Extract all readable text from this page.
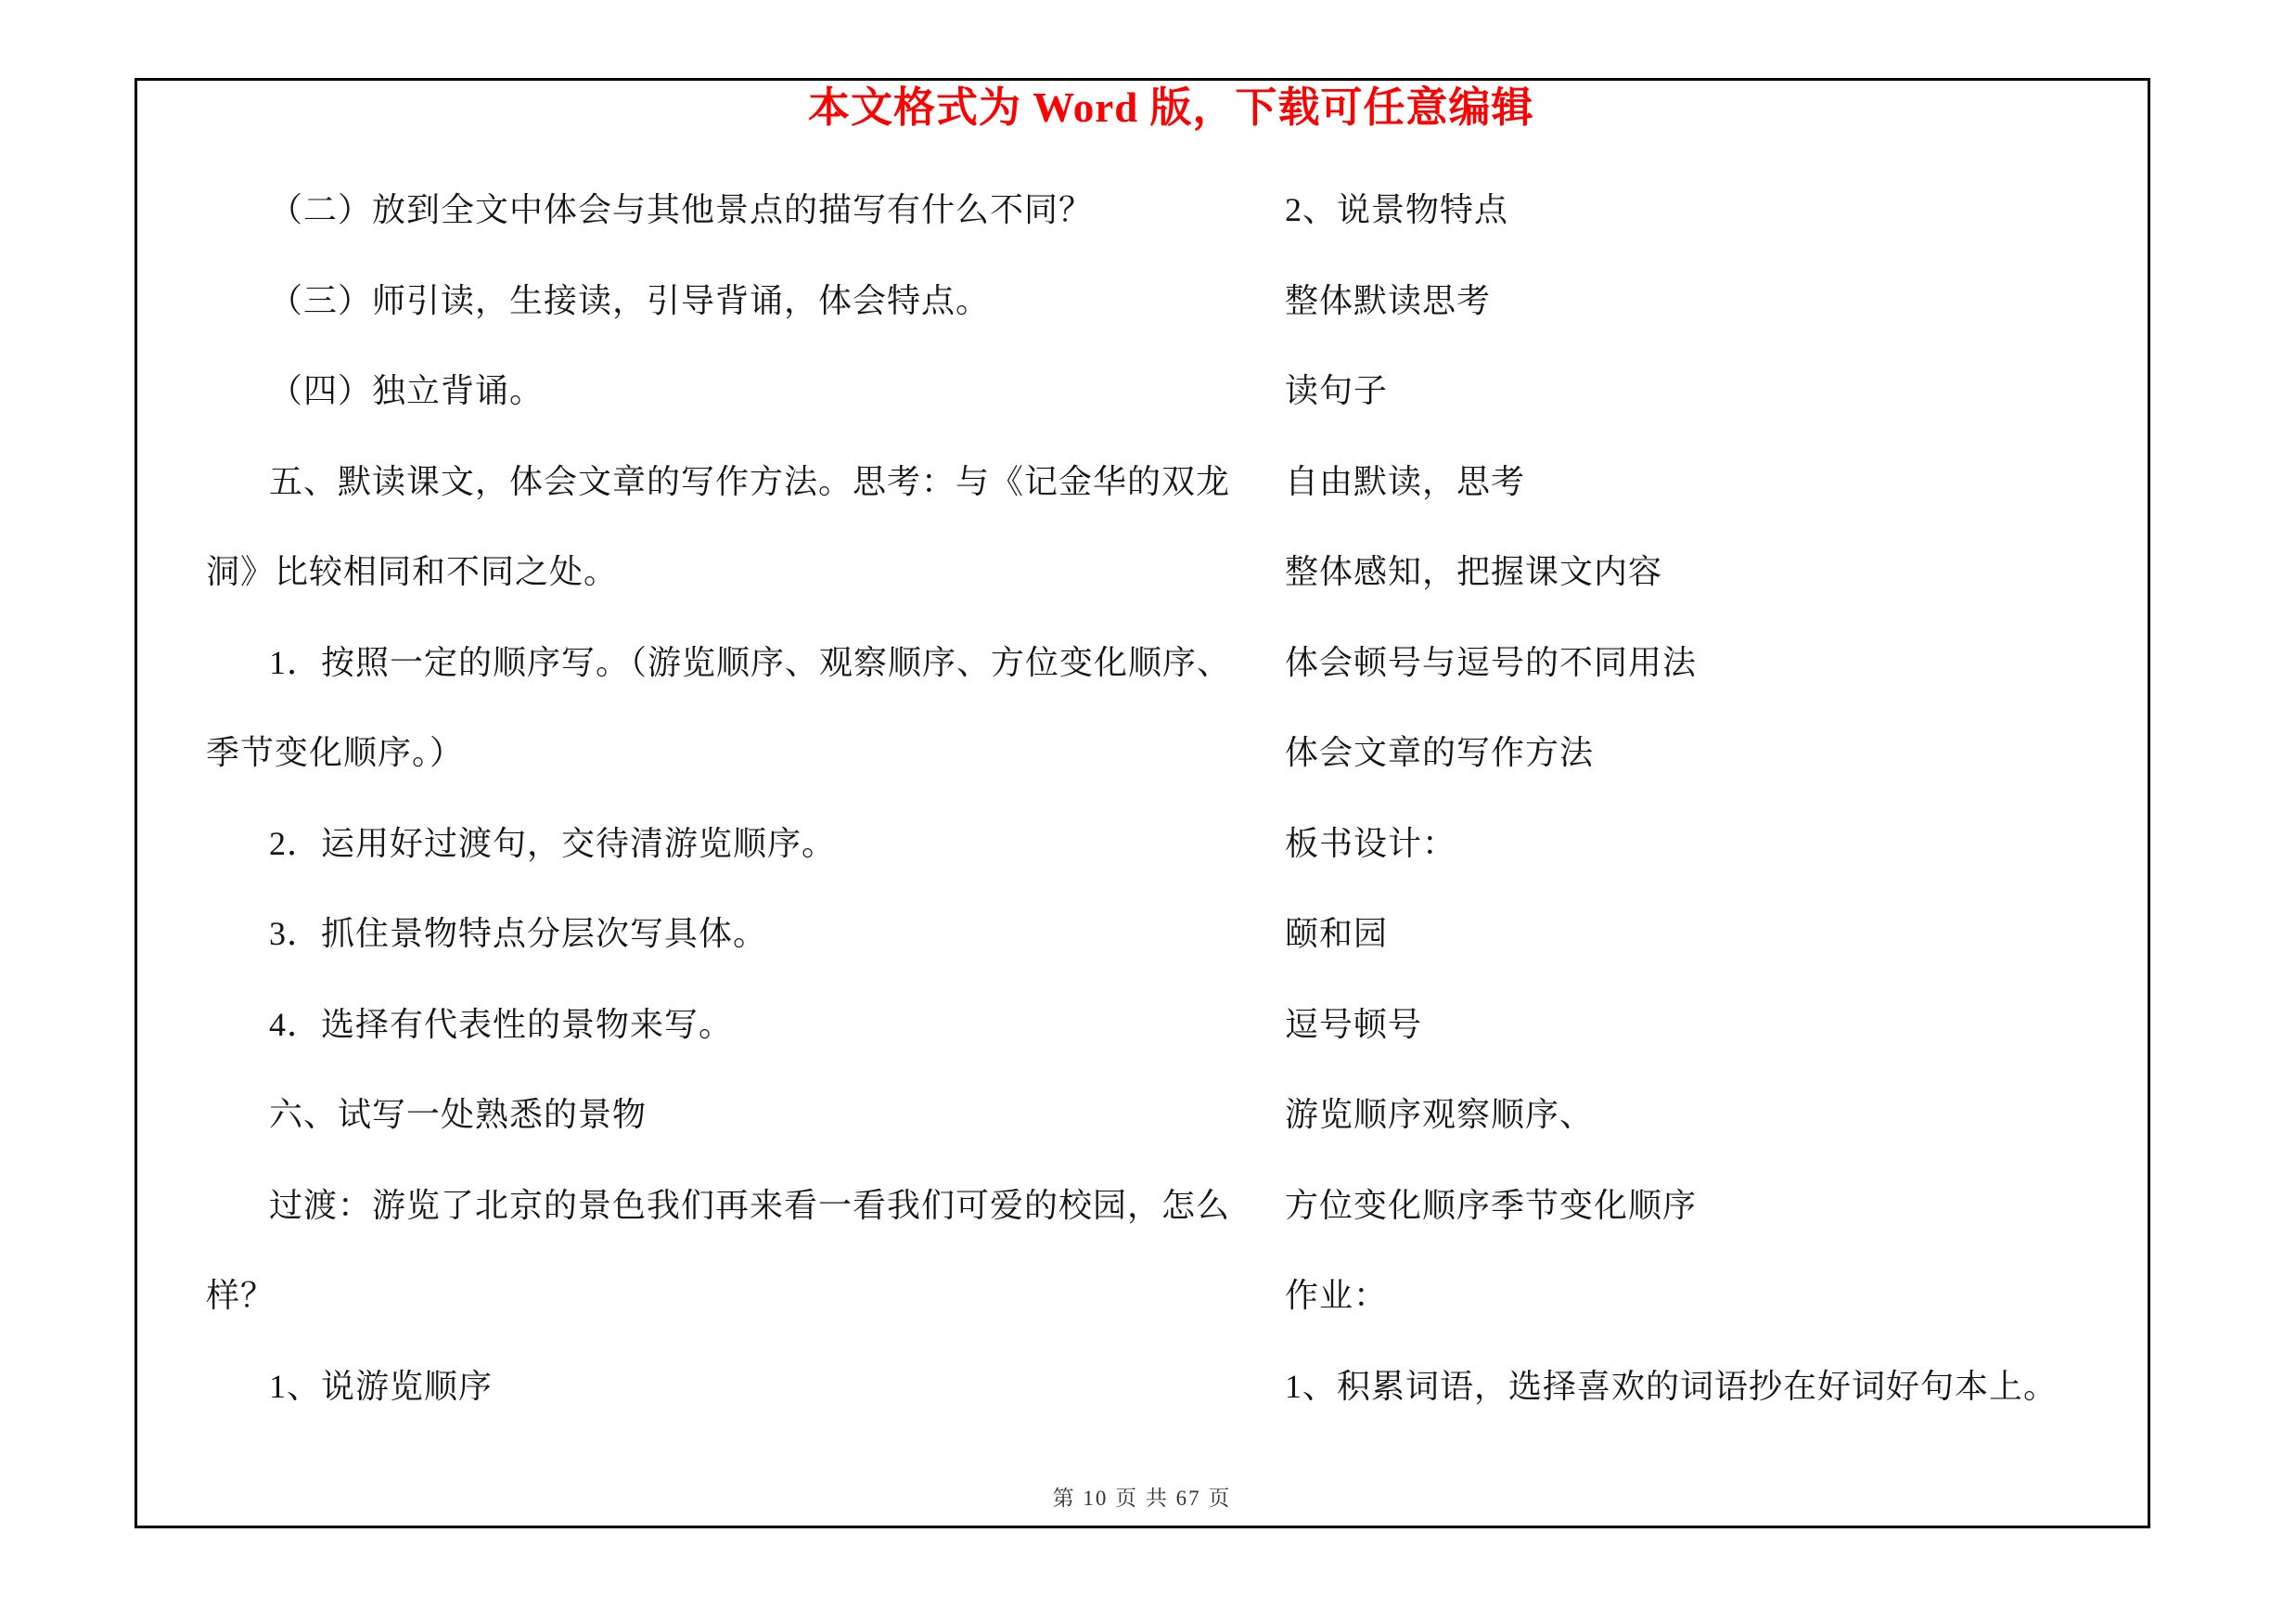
本文格式为 Word 版，下载可任意编辑
（二）放到全文中体会与其他景点的描写有什么不同？
（三）师引读，生接读，引导背诵，体会特点。
（四）独立背诵。
五、默读课文，体会文章的写作方法。思考：与《记金华的双龙
洞》比较相同和不同之处。
1．按照一定的顺序写。（游览顺序、观察顺序、方位变化顺序、
季节变化顺序。）
2．运用好过渡句，交待清游览顺序。
3．抓住景物特点分层次写具体。
4．选择有代表性的景物来写。
六、试写一处熟悉的景物
过渡：游览了北京的景色我们再来看一看我们可爱的校园，怎么
样？
1、说游览顺序
2、说景物特点
整体默读思考
读句子
自由默读，思考
整体感知，把握课文内容
体会顿号与逗号的不同用法
体会文章的写作方法
板书设计：
颐和园
逗号顿号
游览顺序观察顺序、
方位变化顺序季节变化顺序
作业：
1、积累词语，选择喜欢的词语抄在好词好句本上。
第 10 页 共 67 页
